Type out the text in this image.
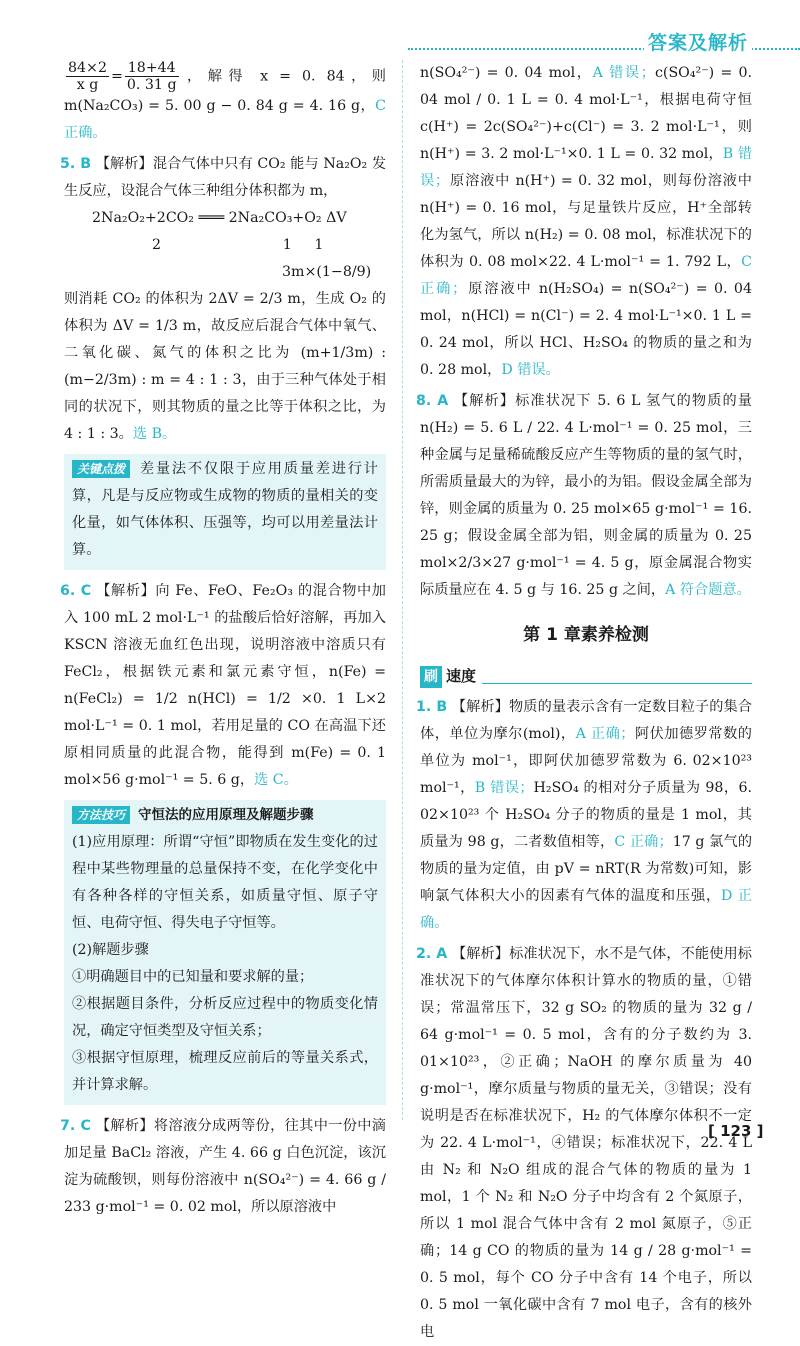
答案及解析

$\frac{84\times 2}{\text{x g}} = \frac{18+44}{0. 31 g}$ ，解得 x = 0. 84，则 m(Na₂CO₃) = 5. 00 g − 0. 84 g = 4. 16 g，C 正确。

5. B 【解析】混合气体中只有 CO₂ 能与 Na₂O₂ 发生反应，设混合气体三种组分体积都为 m，

2Na₂O₂+2CO₂ ═══ 2Na₂CO₃+O₂ ΔV

2                           1     1

3m×(1−8/9)

则消耗 CO₂ 的体积为 2ΔV = 2/3 m，生成 O₂ 的体积为 ΔV = 1/3 m，故反应后混合气体中氧气、二氧化碳、氮气的体积之比为 (m+1/3m) : (m−2/3m) : m = 4 : 1 : 3，由于三种气体处于相同的状况下，则其物质的量之比等于体积之比，为 4 : 1 : 3。选 B。

关键点拨 差量法不仅限于应用质量差进行计算，凡是与反应物或生成物的物质的量相关的变化量，如气体体积、压强等，均可以用差量法计算。

6. C 【解析】向 Fe、FeO、Fe₂O₃ 的混合物中加入 100 mL 2 mol·L⁻¹ 的盐酸后恰好溶解，再加入 KSCN 溶液无血红色出现，说明溶液中溶质只有 FeCl₂，根据铁元素和氯元素守恒，n(Fe) = n(FeCl₂) = 1/2 n(HCl) = 1/2 ×0. 1 L×2 mol·L⁻¹ = 0. 1 mol，若用足量的 CO 在高温下还原相同质量的此混合物，能得到 m(Fe) = 0. 1 mol×56 g·mol⁻¹ = 5. 6 g，选 C。

方法技巧 守恒法的应用原理及解题步骤

(1)应用原理：所谓“守恒”即物质在发生变化的过程中某些物理量的总量保持不变，在化学变化中有各种各样的守恒关系，如质量守恒、原子守恒、电荷守恒、得失电子守恒等。

(2)解题步骤

①明确题目中的已知量和要求解的量；

②根据题目条件，分析反应过程中的物质变化情况，确定守恒类型及守恒关系；

③根据守恒原理，梳理反应前后的等量关系式，并计算求解。

7. C 【解析】将溶液分成两等份，往其中一份中滴加足量 BaCl₂ 溶液，产生 4. 66 g 白色沉淀，该沉淀为硫酸钡，则每份溶液中 n(SO₄²⁻) = 4. 66 g / 233 g·mol⁻¹ = 0. 02 mol，所以原溶液中

n(SO₄²⁻) = 0. 04 mol，A 错误；c(SO₄²⁻) = 0. 04 mol / 0. 1 L = 0. 4 mol·L⁻¹，根据电荷守恒 c(H⁺) = 2c(SO₄²⁻)+c(Cl⁻) = 3. 2 mol·L⁻¹，则 n(H⁺) = 3. 2 mol·L⁻¹×0. 1 L = 0. 32 mol，B 错误；原溶液中 n(H⁺) = 0. 32 mol，则每份溶液中 n(H⁺) = 0. 16 mol，与足量铁片反应，H⁺全部转化为氢气，所以 n(H₂) = 0. 08 mol，标准状况下的体积为 0. 08 mol×22. 4 L·mol⁻¹ = 1. 792 L，C 正确；原溶液中 n(H₂SO₄) = n(SO₄²⁻) = 0. 04 mol，n(HCl) = n(Cl⁻) = 2. 4 mol·L⁻¹×0. 1 L = 0. 24 mol，所以 HCl、H₂SO₄ 的物质的量之和为 0. 28 mol，D 错误。

8. A 【解析】标准状况下 5. 6 L 氢气的物质的量 n(H₂) = 5. 6 L / 22. 4 L·mol⁻¹ = 0. 25 mol，三种金属与足量稀硫酸反应产生等物质的量的氢气时，所需质量最大的为锌，最小的为铝。假设金属全部为锌，则金属的质量为 0. 25 mol×65 g·mol⁻¹ = 16. 25 g；假设金属全部为铝，则金属的质量为 0. 25 mol×2/3×27 g·mol⁻¹ = 4. 5 g，原金属混合物实际质量应在 4. 5 g 与 16. 25 g 之间，A 符合题意。

第 1 章素养检测
刷 速度

1. B 【解析】物质的量表示含有一定数目粒子的集合体，单位为摩尔(mol)，A 正确；阿伏加德罗常数的单位为 mol⁻¹，即阿伏加德罗常数为 6. 02×10²³ mol⁻¹，B 错误；H₂SO₄ 的相对分子质量为 98，6. 02×10²³ 个 H₂SO₄ 分子的物质的量是 1 mol，其质量为 98 g，二者数值相等，C 正确；17 g 氯气的物质的量为定值，由 pV = nRT(R 为常数)可知，影响氯气体积大小的因素有气体的温度和压强，D 正确。

2. A 【解析】标准状况下，水不是气体，不能使用标准状况下的气体摩尔体积计算水的物质的量，①错误；常温常压下，32 g SO₂ 的物质的量为 32 g / 64 g·mol⁻¹ = 0. 5 mol，含有的分子数约为 3. 01×10²³，②正确；NaOH 的摩尔质量为 40 g·mol⁻¹，摩尔质量与物质的量无关，③错误；没有说明是否在标准状况下，H₂ 的气体摩尔体积不一定为 22. 4 L·mol⁻¹，④错误；标准状况下，22. 4 L 由 N₂ 和 N₂O 组成的混合气体的物质的量为 1 mol，1 个 N₂ 和 N₂O 分子中均含有 2 个氮原子，所以 1 mol 混合气体中含有 2 mol 氮原子，⑤正确；14 g CO 的物质的量为 14 g / 28 g·mol⁻¹ = 0. 5 mol，每个 CO 分子中含有 14 个电子，所以 0. 5 mol 一氧化碳中含有 7 mol 电子，含有的核外电

[ 123 ]
